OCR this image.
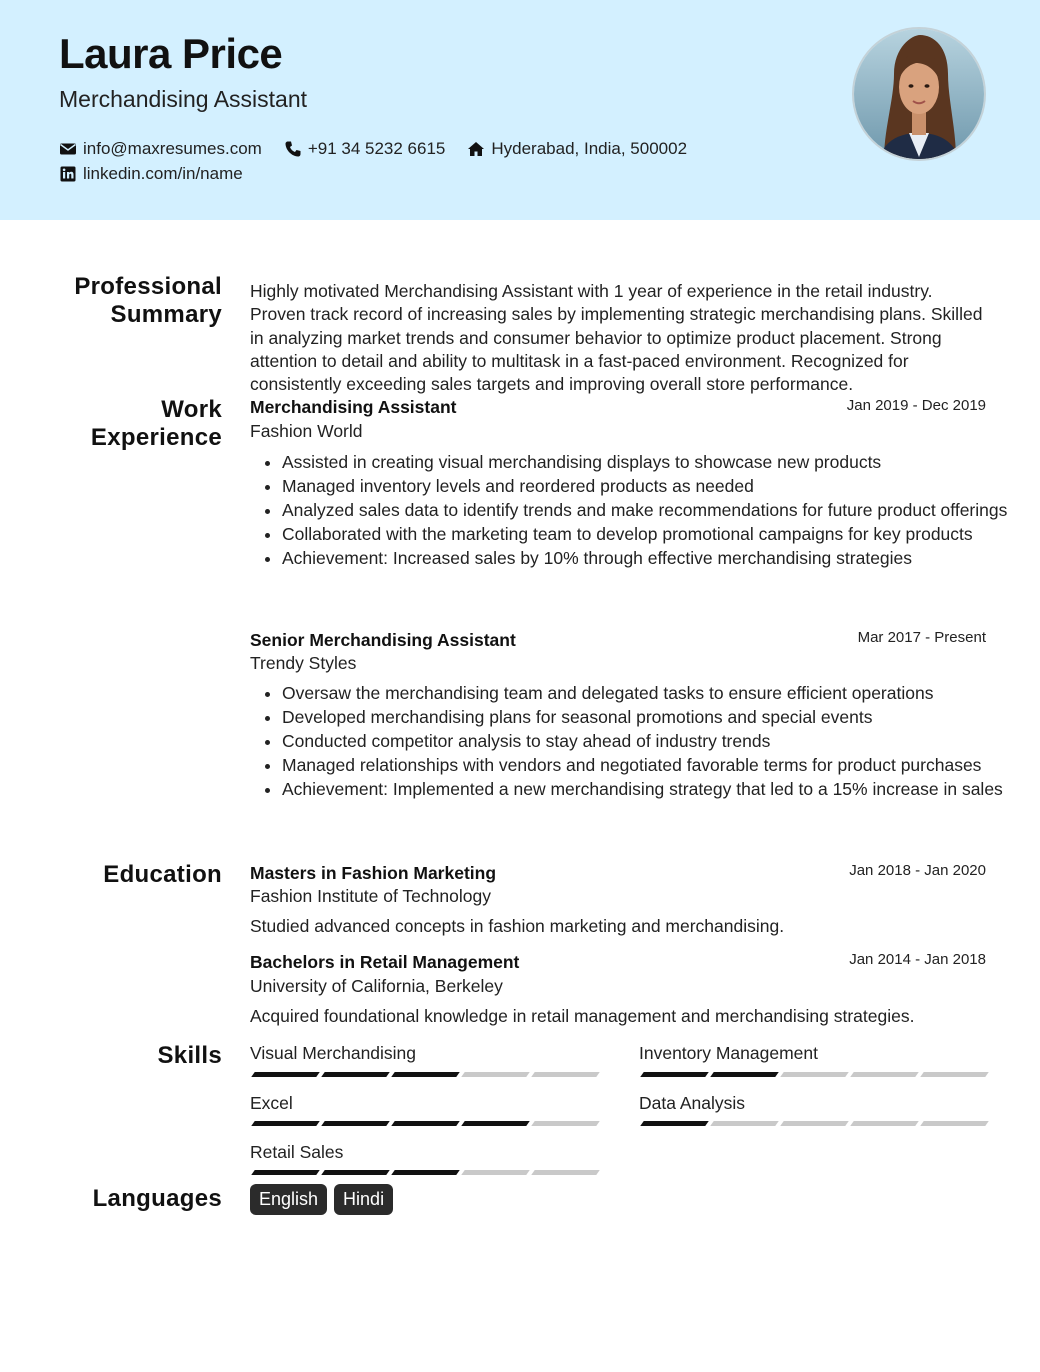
Laura Price
Merchandising Assistant
info@maxresumes.com	+91 34 5232 6615	Hyderabad, India, 500002
linkedin.com/in/name
Professional
Summary
Highly motivated Merchandising Assistant with 1 year of experience in the retail industry. Proven track record of increasing sales by implementing strategic merchandising plans. Skilled in analyzing market trends and consumer behavior to optimize product placement. Strong attention to detail and ability to multitask in a fast-paced environment. Recognized for consistently exceeding sales targets and improving overall store performance.
Work
Experience
Merchandising Assistant	Jan 2019 - Dec 2019
Fashion World
• Assisted in creating visual merchandising displays to showcase new products
• Managed inventory levels and reordered products as needed
• Analyzed sales data to identify trends and make recommendations for future product offerings
• Collaborated with the marketing team to develop promotional campaigns for key products
• Achievement: Increased sales by 10% through effective merchandising strategies
Senior Merchandising Assistant	Mar 2017 - Present
Trendy Styles
• Oversaw the merchandising team and delegated tasks to ensure efficient operations
• Developed merchandising plans for seasonal promotions and special events
• Conducted competitor analysis to stay ahead of industry trends
• Managed relationships with vendors and negotiated favorable terms for product purchases
• Achievement: Implemented a new merchandising strategy that led to a 15% increase in sales
Education Masters in Fashion Marketing	Jan 2018 - Jan 2020
Fashion Institute of Technology
Studied advanced concepts in fashion marketing and merchandising.
Bachelors in Retail Management	Jan 2014 - Jan 2018
University of California, Berkeley
Acquired foundational knowledge in retail management and merchandising strategies.
Skills Visual Merchandising	Inventory Management
Excel	Data Analysis
Retail Sales
Languages	English Hindi
